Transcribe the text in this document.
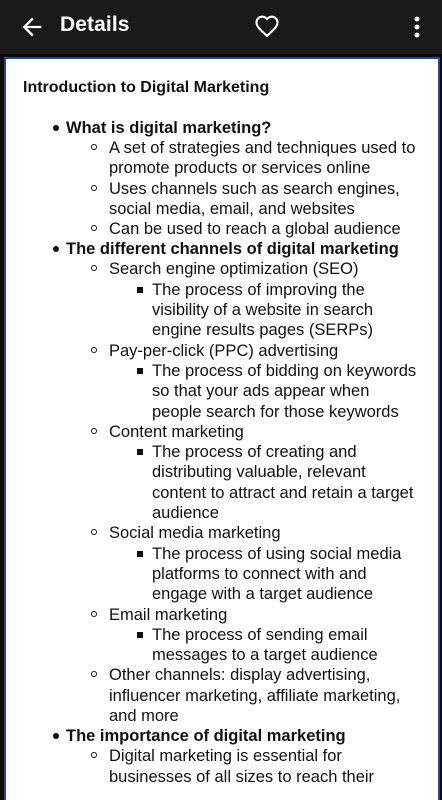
Details
Introduction to Digital Marketing
What is digital marketing?
A set of strategies and techniques used to promote products or services online
Uses channels such as search engines, social media, email, and websites
Can be used to reach a global audience
The different channels of digital marketing
Search engine optimization (SEO)
The process of improving the visibility of a website in search engine results pages (SERPs)
Pay-per-click (PPC) advertising
The process of bidding on keywords so that your ads appear when people search for those keywords
Content marketing
The process of creating and distributing valuable, relevant content to attract and retain a target audience
Social media marketing
The process of using social media platforms to connect with and engage with a target audience
Email marketing
The process of sending email messages to a target audience
Other channels: display advertising, influencer marketing, affiliate marketing, and more
The importance of digital marketing
Digital marketing is essential for businesses of all sizes to reach their
